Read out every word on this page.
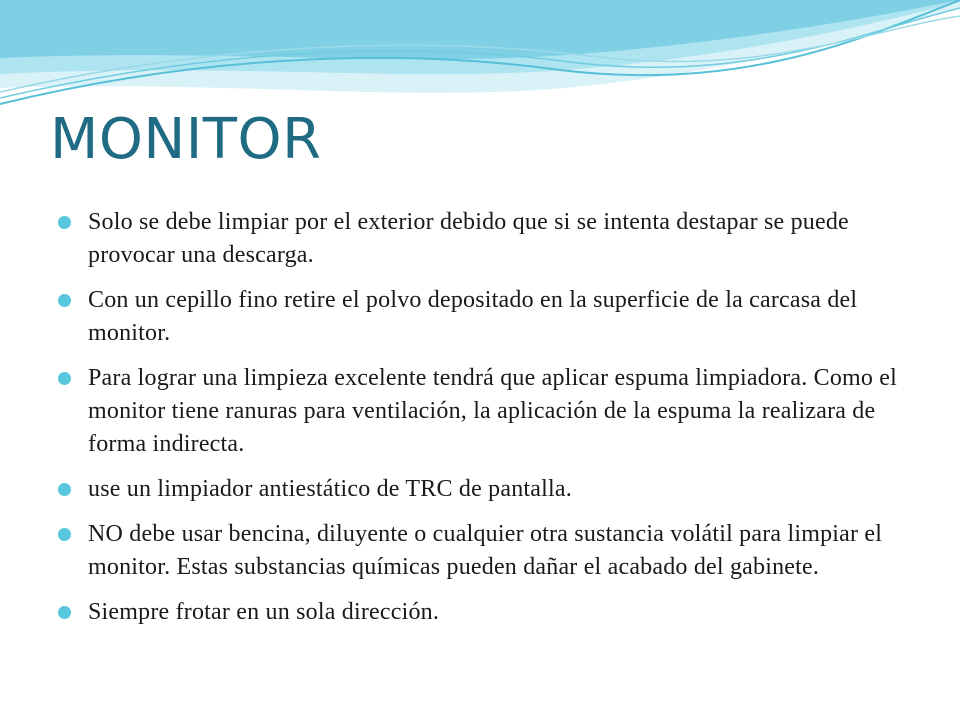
MONITOR
Solo se debe limpiar por el exterior debido que si se intenta destapar se puede provocar una descarga.
Con un cepillo fino retire el polvo depositado en la superficie de la carcasa del monitor.
Para lograr una limpieza excelente tendrá que aplicar espuma limpiadora. Como el monitor tiene ranuras para ventilación, la aplicación de la espuma la realizara de forma indirecta.
use un limpiador antiestático de TRC de pantalla.
NO debe usar bencina, diluyente o cualquier otra sustancia volátil para limpiar el monitor. Estas substancias químicas pueden dañar el acabado del gabinete.
Siempre frotar en un sola dirección.
